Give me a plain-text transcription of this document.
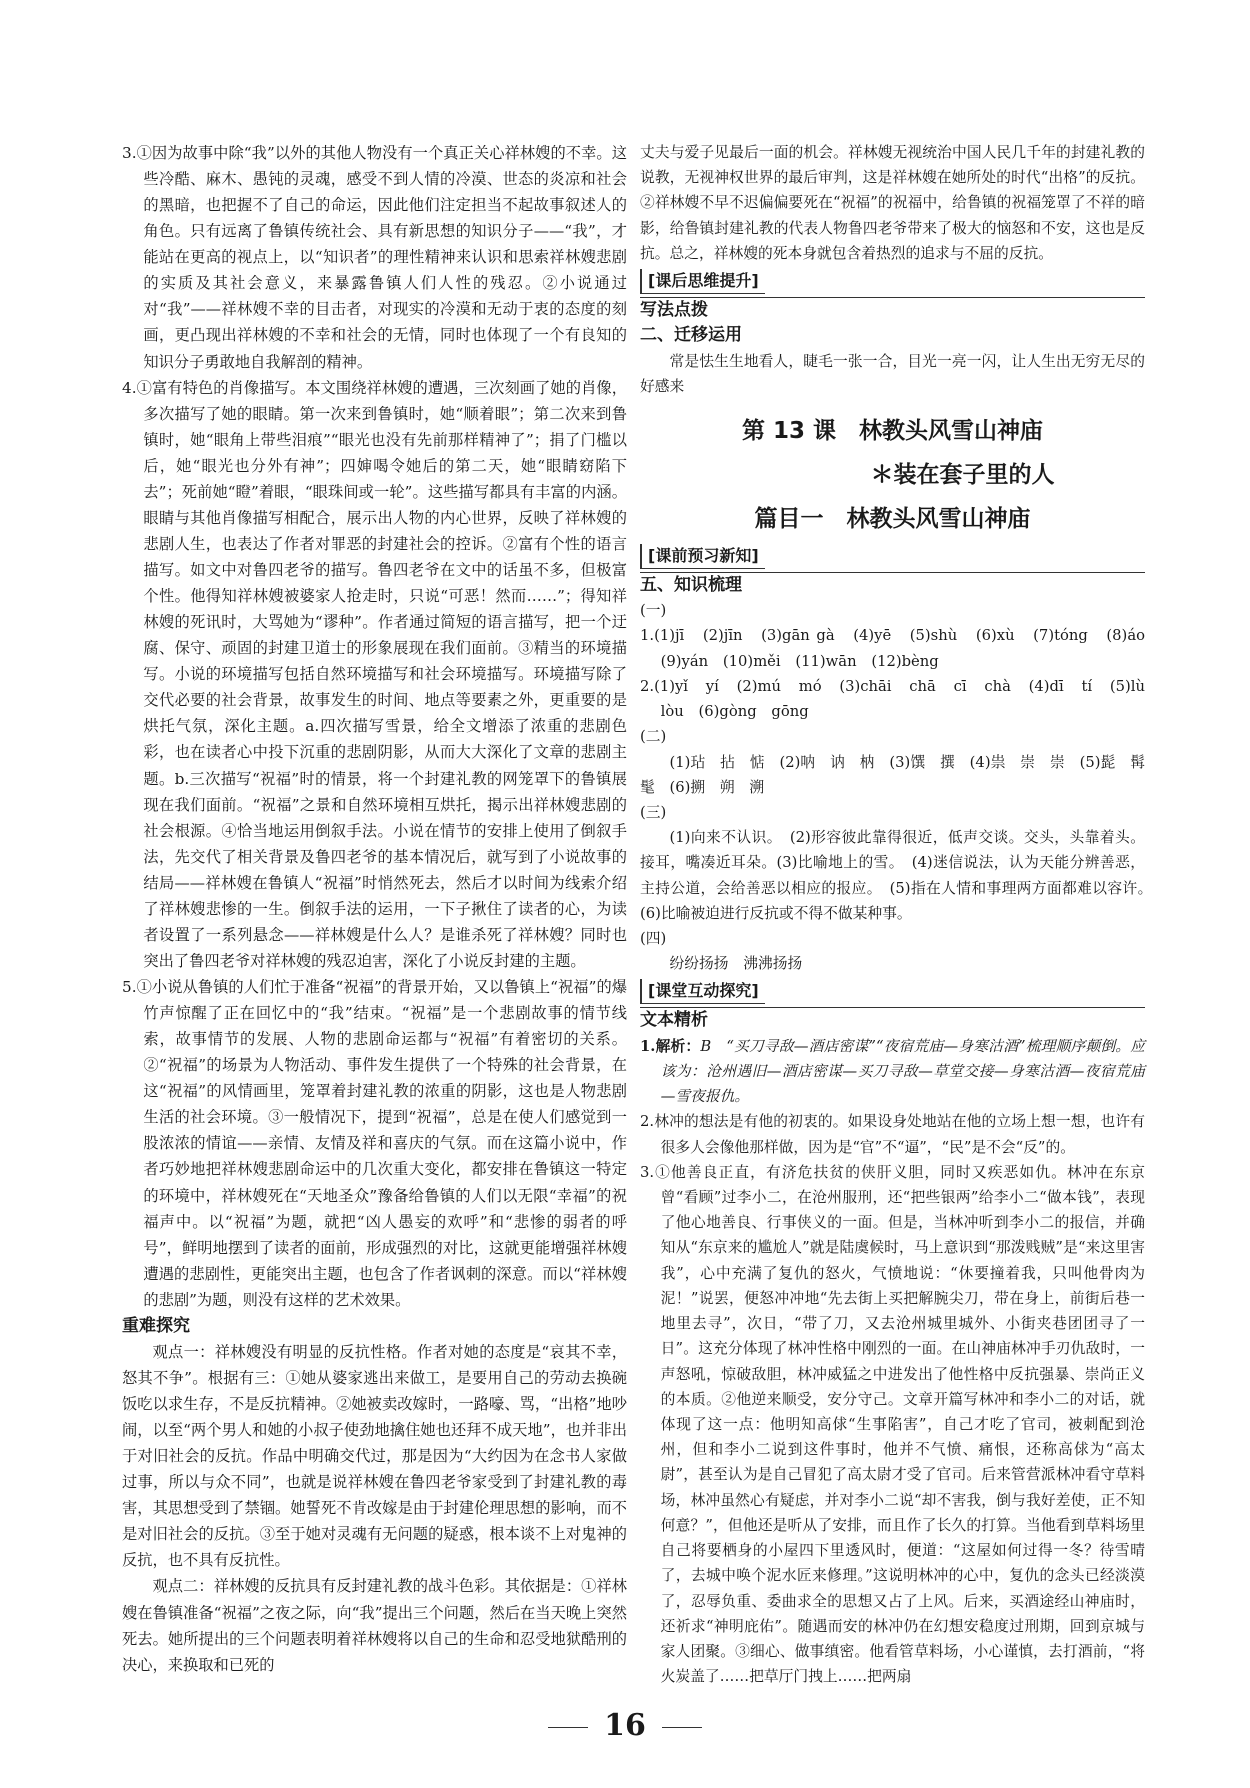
3.①因为故事中除“我”以外的其他人物没有一个真正关心祥林嫂的不幸。这些冷酷、麻木、愚钝的灵魂，感受不到人情的冷漠、世态的炎凉和社会的黑暗，也把握不了自己的命运，因此他们注定担当不起故事叙述人的角色。只有远离了鲁镇传统社会、具有新思想的知识分子——“我”，才能站在更高的视点上，以“知识者”的理性精神来认识和思索祥林嫂悲剧的实质及其社会意义，来暴露鲁镇人们人性的残忍。②小说通过对“我”——祥林嫂不幸的目击者，对现实的冷漠和无动于衷的态度的刻画，更凸现出祥林嫂的不幸和社会的无情，同时也体现了一个有良知的知识分子勇敢地自我解剖的精神。

4.①富有特色的肖像描写。本文围绕祥林嫂的遭遇，三次刻画了她的肖像，多次描写了她的眼睛。第一次来到鲁镇时，她“顺着眼”；第二次来到鲁镇时，她“眼角上带些泪痕”“眼光也没有先前那样精神了”；捐了门槛以后，她“眼光也分外有神”；四婶喝令她后的第二天，她“眼睛窈陷下去”；死前她“瞪”着眼，“眼珠间或一轮”。这些描写都具有丰富的内涵。眼睛与其他肖像描写相配合，展示出人物的内心世界，反映了祥林嫂的悲剧人生，也表达了作者对罪恶的封建社会的控诉。②富有个性的语言描写。如文中对鲁四老爷的描写。鲁四老爷在文中的话虽不多，但极富个性。他得知祥林嫂被婆家人抢走时，只说“可恶！然而……”；得知祥林嫂的死讯时，大骂她为“谬种”。作者通过简短的语言描写，把一个迂腐、保守、顽固的封建卫道士的形象展现在我们面前。③精当的环境描写。小说的环境描写包括自然环境描写和社会环境描写。环境描写除了交代必要的社会背景，故事发生的时间、地点等要素之外，更重要的是烘托气氛，深化主题。a.四次描写雪景，给全文增添了浓重的悲剧色彩，也在读者心中投下沉重的悲剧阴影，从而大大深化了文章的悲剧主题。b.三次描写“祝福”时的情景，将一个封建礼教的网笼罩下的鲁镇展现在我们面前。“祝福”之景和自然环境相互烘托，揭示出祥林嫂悲剧的社会根源。④恰当地运用倒叙手法。小说在情节的安排上使用了倒叙手法，先交代了相关背景及鲁四老爷的基本情况后，就写到了小说故事的结局——祥林嫂在鲁镇人“祝福”时悄然死去，然后才以时间为线索介绍了祥林嫂悲惨的一生。倒叙手法的运用，一下子揪住了读者的心，为读者设置了一系列悬念——祥林嫂是什么人？是谁杀死了祥林嫂？同时也突出了鲁四老爷对祥林嫂的残忍迫害，深化了小说反封建的主题。

5.①小说从鲁镇的人们忙于准备“祝福”的背景开始，又以鲁镇上“祝福”的爆竹声惊醒了正在回忆中的“我”结束。“祝福”是一个悲剧故事的情节线索，故事情节的发展、人物的悲剧命运都与“祝福”有着密切的关系。②“祝福”的场景为人物活动、事件发生提供了一个特殊的社会背景，在这“祝福”的风情画里，笼罩着封建礼教的浓重的阴影，这也是人物悲剧生活的社会环境。③一般情况下，提到“祝福”，总是在使人们感觉到一股浓浓的情谊——亲情、友情及祥和喜庆的气氛。而在这篇小说中，作者巧妙地把祥林嫂悲剧命运中的几次重大变化，都安排在鲁镇这一特定的环境中，祥林嫂死在“天地圣众”豫备给鲁镇的人们以无限“幸福”的祝福声中。以“祝福”为题，就把“凶人愚妄的欢呼”和“悲惨的弱者的呼号”，鲜明地摆到了读者的面前，形成强烈的对比，这就更能增强祥林嫂遭遇的悲剧性，更能突出主题，也包含了作者讽刺的深意。而以“祥林嫂的悲剧”为题，则没有这样的艺术效果。

重难探究

观点一：祥林嫂没有明显的反抗性格。作者对她的态度是“哀其不幸，怒其不争”。根据有三：①她从婆家逃出来做工，是要用自己的劳动去换碗饭吃以求生存，不是反抗精神。②她被卖改嫁时，一路嚎、骂，“出格”地吵闹，以至“两个男人和她的小叔子使劲地擒住她也还拜不成天地”，也并非出于对旧社会的反抗。作品中明确交代过，那是因为“大约因为在念书人家做过事，所以与众不同”，也就是说祥林嫂在鲁四老爷家受到了封建礼教的毒害，其思想受到了禁锢。她誓死不肯改嫁是由于封建伦理思想的影响，而不是对旧社会的反抗。③至于她对灵魂有无问题的疑惑，根本谈不上对鬼神的反抗，也不具有反抗性。

观点二：祥林嫂的反抗具有反封建礼教的战斗色彩。其依据是：①祥林嫂在鲁镇准备“祝福”之夜之际，向“我”提出三个问题，然后在当天晚上突然死去。她所提出的三个问题表明着祥林嫂将以自己的生命和忍受地狱酷刑的决心，来换取和已死的

丈夫与爱子见最后一面的机会。祥林嫂无视统治中国人民几千年的封建礼教的说教，无视神权世界的最后审判，这是祥林嫂在她所处的时代“出格”的反抗。②祥林嫂不早不迟偏偏要死在“祝福”的祝福中，给鲁镇的祝福笼罩了不祥的暗影，给鲁镇封建礼教的代表人物鲁四老爷带来了极大的恼怒和不安，这也是反抗。总之，祥林嫂的死本身就包含着热烈的追求与不屈的反抗。

[ 课后思维提升 ]

写法点拨

二、迁移运用

常是怯生生地看人，睫毛一张一合，目光一亮一闪，让人生出无穷无尽的好感来

第 13 课　林教头风雪山神庙
＊装在套子里的人
篇目一　林教头风雪山神庙
[ 课前预习新知 ]

五、知识梳理

(一)

1.(1)jī　(2)jīn　(3)gān gà　(4)yē　(5)shù　(6)xù　(7)tóng　(8)áo　(9)yán　(10)měi　(11)wān　(12)bèng

2.(1)yǐ　yí　(2)mú　mó　(3)chāi　chā　cī　chà　(4)dī　tí　(5)lù　lòu　(6)gòng　gōng

(二)

(1)玷　拈　惦　(2)呐　讷　枘　(3)馔　撰　(4)祟　崇　崇　(5)髭　髯　髦　(6)搠　朔　溯

(三)

(1)向来不认识。　(2)形容彼此靠得很近，低声交谈。交头，头靠着头。接耳，嘴凑近耳朵。(3)比喻地上的雪。　(4)迷信说法，认为天能分辨善恶，主持公道，会给善恶以相应的报应。　(5)指在人情和事理两方面都难以容许。　(6)比喻被迫进行反抗或不得不做某种事。

(四)

纷纷扬扬　沸沸扬扬

[ 课堂互动探究 ]

文本精析

1.解析：B　“买刀寻敌—酒店密谋”“夜宿荒庙—身寒沽酒”梳理顺序颠倒。应该为：沧州遇旧—酒店密谋—买刀寻敌—草堂交接—身寒沽酒—夜宿荒庙—雪夜报仇。

2.林冲的想法是有他的初衷的。如果设身处地站在他的立场上想一想，也许有很多人会像他那样做，因为是“官”不“逼”，“民”是不会“反”的。

3.①他善良正直，有济危扶贫的侠肝义胆，同时又疾恶如仇。林冲在东京曾“看顾”过李小二，在沧州服刑，还“把些银两”给李小二“做本钱”，表现了他心地善良、行事侠义的一面。但是，当林冲听到李小二的报信，并确知从“东京来的尴尬人”就是陆虞候时，马上意识到“那泼贱贼”是“来这里害我”，心中充满了复仇的怒火，气愤地说：“休要撞着我，只叫他骨肉为泥！”说罢，便怒冲冲地“先去街上买把解腕尖刀，带在身上，前街后巷一地里去寻”，次日，“带了刀，又去沧州城里城外、小街夹巷团团寻了一日”。这充分体现了林冲性格中刚烈的一面。在山神庙林冲手刃仇敌时，一声怒吼，惊破敌胆，林冲威猛之中进发出了他性格中反抗强暴、崇尚正义的本质。②他逆来顺受，安分守己。文章开篇写林冲和李小二的对话，就体现了这一点：他明知高俅“生事陷害”，自己才吃了官司，被刺配到沧州，但和李小二说到这件事时，他并不气愤、痛恨，还称高俅为“高太尉”，甚至认为是自己冒犯了高太尉才受了官司。后来管营派林冲看守草料场，林冲虽然心有疑虑，并对李小二说“却不害我，倒与我好差使，正不知何意？”，但他还是听从了安排，而且作了长久的打算。当他看到草料场里自己将要栖身的小屋四下里透风时，便道：“这屋如何过得一冬？待雪晴了，去城中唤个泥水匠来修理。”这说明林冲的心中，复仇的念头已经淡漠了，忍辱负重、委曲求全的思想又占了上风。后来，买酒途经山神庙时，还祈求“神明庇佑”。随遇而安的林冲仍在幻想安稳度过刑期，回到京城与家人团聚。③细心、做事缜密。他看管草料场，小心谨慎，去打酒前，“将火炭盖了……把草厅门拽上……把两扇

16
